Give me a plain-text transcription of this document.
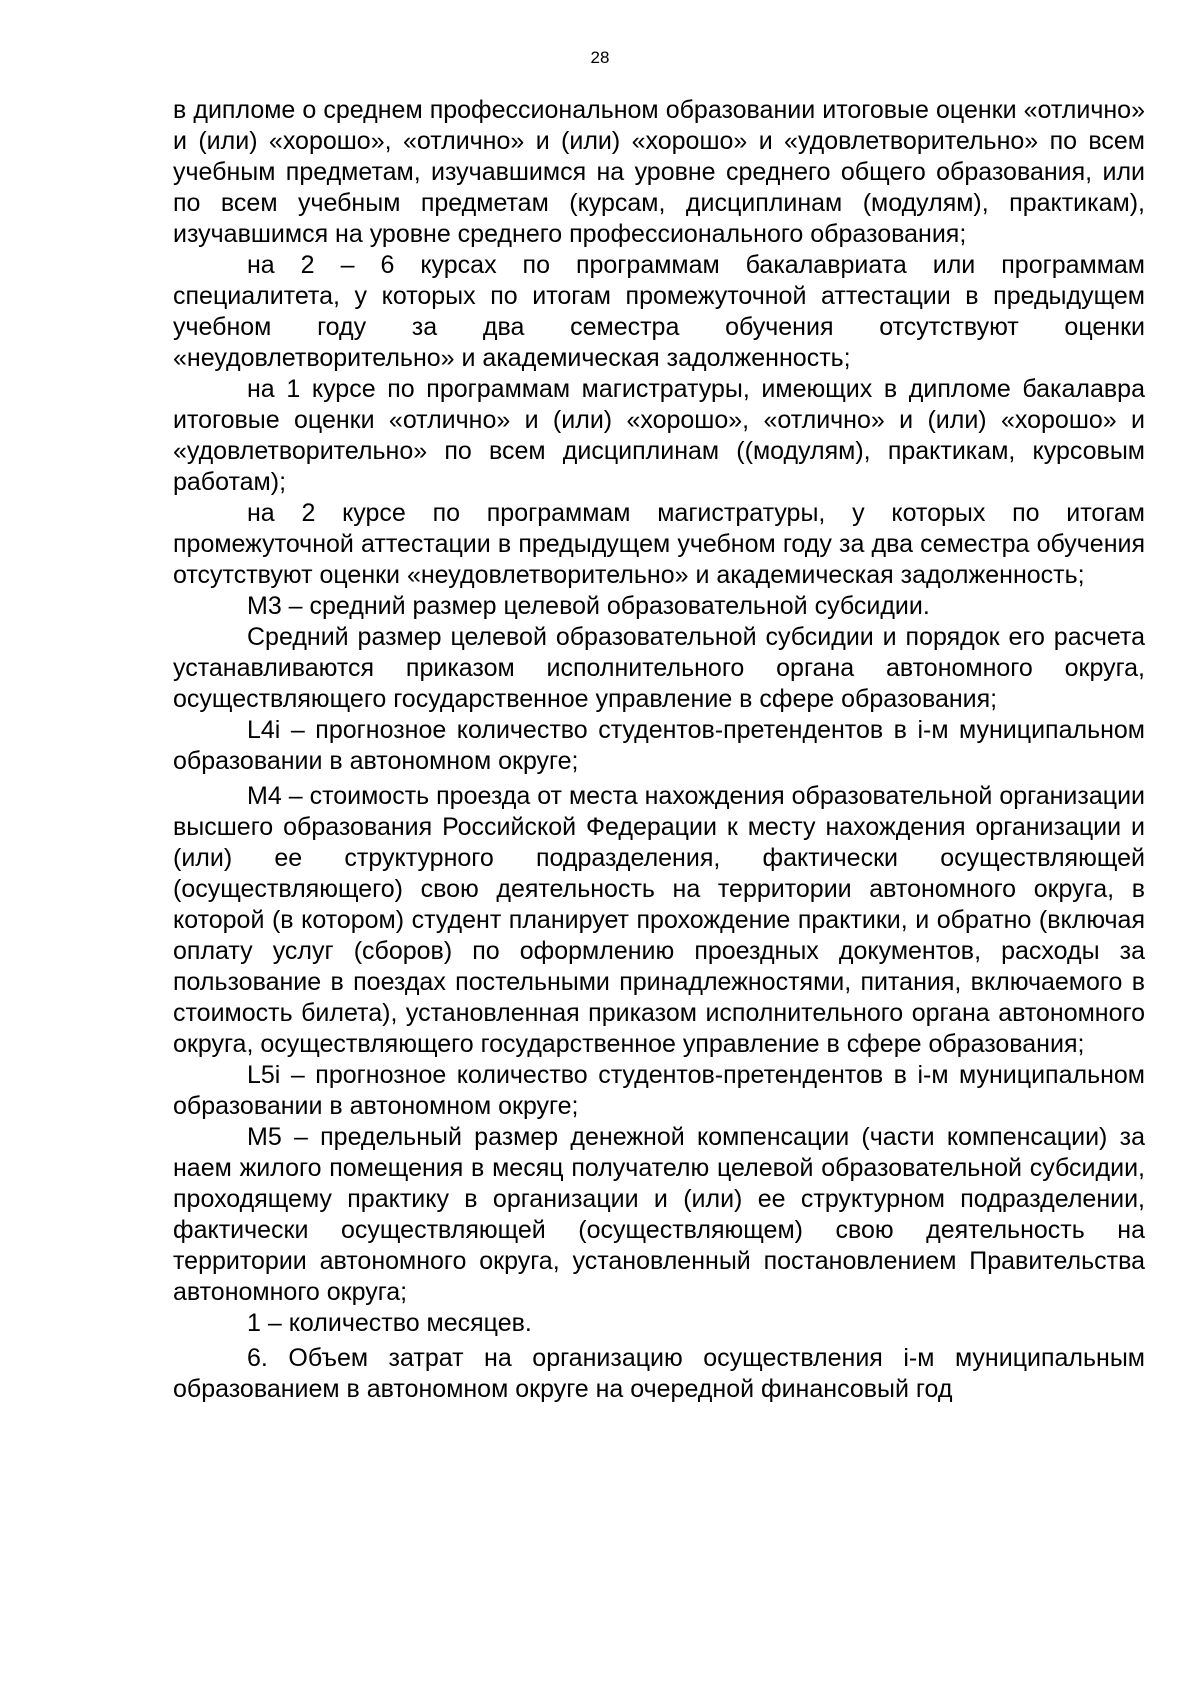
28

в дипломе о среднем профессиональном образовании итоговые оценки «отлично» и (или) «хорошо», «отлично» и (или) «хорошо» и «удовлетворительно» по всем учебным предметам, изучавшимся на уровне среднего общего образования, или по всем учебным предметам (курсам, дисциплинам (модулям), практикам), изучавшимся на уровне среднего профессионального образования;

на 2 – 6 курсах по программам бакалавриата или программам специалитета, у которых по итогам промежуточной аттестации в предыдущем учебном году за два семестра обучения отсутствуют оценки «неудовлетворительно» и академическая задолженность;

на 1 курсе по программам магистратуры, имеющих в дипломе бакалавра итоговые оценки «отлично» и (или) «хорошо», «отлично» и (или) «хорошо» и «удовлетворительно» по всем дисциплинам ((модулям), практикам, курсовым работам);

на 2 курсе по программам магистратуры, у которых по итогам промежуточной аттестации в предыдущем учебном году за два семестра обучения отсутствуют оценки «неудовлетворительно» и академическая задолженность;

М3 – средний размер целевой образовательной субсидии.

Средний размер целевой образовательной субсидии и порядок его расчета устанавливаются приказом исполнительного органа автономного округа, осуществляющего государственное управление в сфере образования;

L4i – прогнозное количество студентов-претендентов в i-м муниципальном образовании в автономном округе;

М4 – стоимость проезда от места нахождения образовательной организации высшего образования Российской Федерации к месту нахождения организации и (или) ее структурного подразделения, фактически осуществляющей (осуществляющего) свою деятельность на территории автономного округа, в которой (в котором) студент планирует прохождение практики, и обратно (включая оплату услуг (сборов) по оформлению проездных документов, расходы за пользование в поездах постельными принадлежностями, питания, включаемого в стоимость билета), установленная приказом исполнительного органа автономного округа, осуществляющего государственное управление в сфере образования;

L5i – прогнозное количество студентов-претендентов в i-м муниципальном образовании в автономном округе;

М5 – предельный размер денежной компенсации (части компенсации) за наем жилого помещения в месяц получателю целевой образовательной субсидии, проходящему практику в организации и (или) ее структурном подразделении, фактически осуществляющей (осуществляющем) свою деятельность на территории автономного округа, установленный постановлением Правительства автономного округа;

1 – количество месяцев.

6. Объем затрат на организацию осуществления i-м муниципальным образованием в автономном округе на очередной финансовый год
